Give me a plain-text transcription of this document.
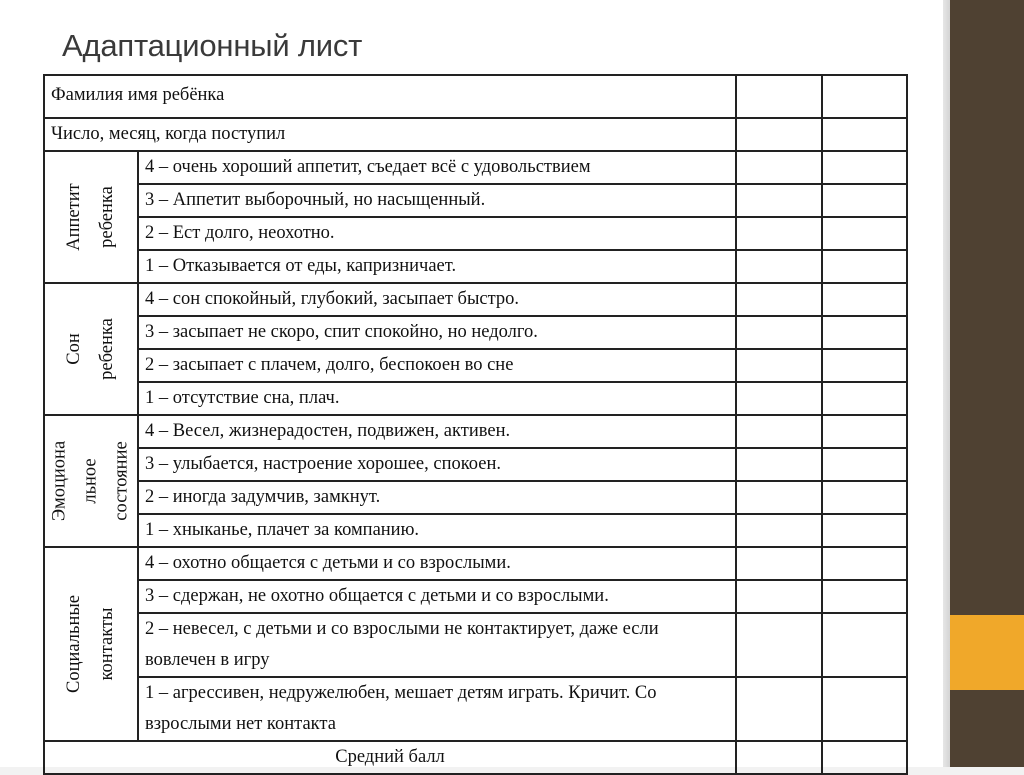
Адаптационный лист
Фамилия имя ребёнка			
Число, месяц, когда поступил			

Аппетит ребенка	4 – очень хороший аппетит, съедает всё с удовольствием		
	3 – Аппетит выборочный, но насыщенный.		
	2 – Ест долго, неохотно.		
	1 – Отказывается от еды, капризничает.		

Сон ребенка	4 – сон спокойный, глубокий, засыпает быстро.		
	3 – засыпает не скоро, спит спокойно, но недолго.		
	2 – засыпает с плачем, долго, беспокоен во сне		
	1 – отсутствие сна, плач.		

Эмоциона льное состояние	4 – Весел, жизнерадостен, подвижен, активен.		
	3 – улыбается, настроение хорошее, спокоен.		
	2 – иногда задумчив, замкнут.		
	1 – хныканье, плачет за компанию.		

Социальные контакты	4 – охотно общается с детьми и со взрослыми.		
	3 – сдержан, не охотно общается с детьми и со взрослыми.		
	2 – невесел, с детьми и со взрослыми не контактирует, даже если вовлечен в игру		
	1 – агрессивен, недружелюбен, мешает детям играть. Кричит. Со взрослыми нет контакта		
Средний балл			
